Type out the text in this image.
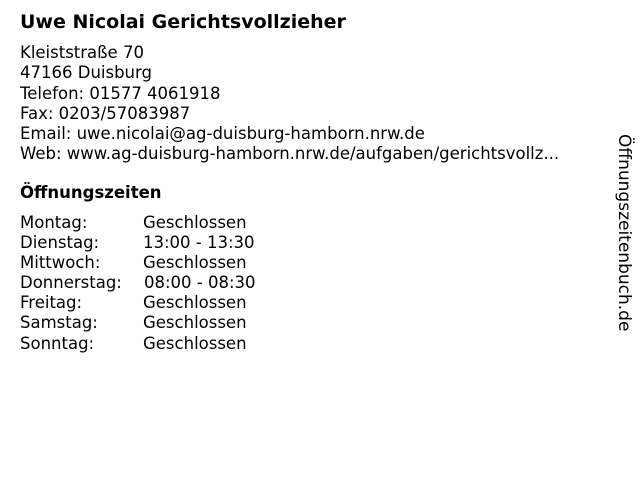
Uwe Nicolai Gerichtsvollzieher
Kleiststraße 70
47166 Duisburg
Telefon: 01577 4061918
Fax: 0203/57083987
Email: uwe.nicolai@ag-duisburg-hamborn.nrw.de
Web: www.ag-duisburg-hamborn.nrw.de/aufgaben/gerichtsvollz...
Öffnungszeiten
Montag:	Geschlossen
Dienstag:	13:00 - 13:30
Mittwoch:	Geschlossen
Donnerstag: 08:00 - 08:30
Freitag:	Geschlossen
Samstag:	Geschlossen
Sonntag:	Geschlossen
Öffnungszeitenbuch.de
